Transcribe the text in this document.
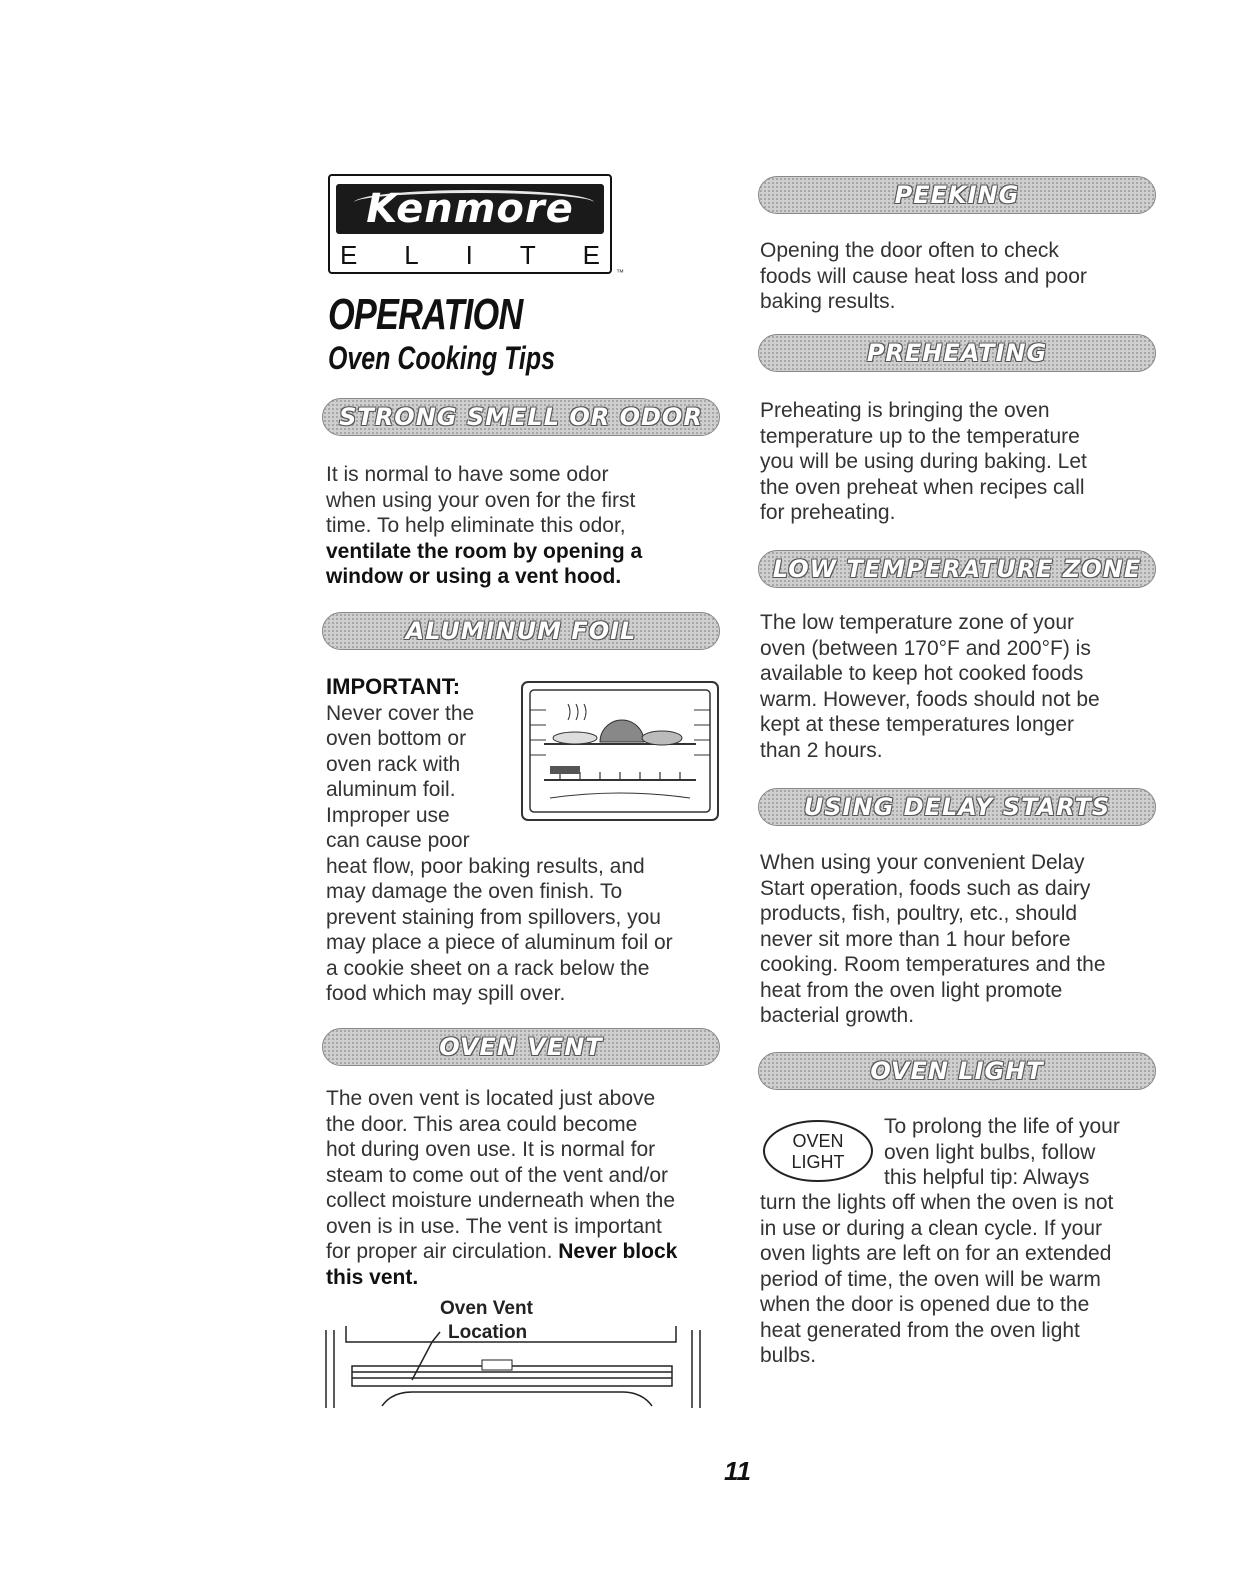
Kenmore
E L I T E
™
OPERATION
Oven Cooking Tips
STRONG SMELL OR ODOR
It is normal to have some odor
when using your oven for the first
time. To help eliminate this odor,
ventilate the room by opening a
window or using a vent hood.
ALUMINUM FOIL
IMPORTANT:
Never cover the
oven bottom or
oven rack with
aluminum foil.
Improper use
can cause poor
heat flow, poor baking results, and
may damage the oven finish. To
prevent staining from spillovers, you
may place a piece of aluminum foil or
a cookie sheet on a rack below the
food which may spill over.
OVEN VENT
The oven vent is located just above
the door. This area could become
hot during oven use. It is normal for
steam to come out of the vent and/or
collect moisture underneath when the
oven is in use. The vent is important
for proper air circulation. Never block
this vent.
Oven Vent
Location
PEEKING
Opening the door often to check
foods will cause heat loss and poor
baking results.
PREHEATING
Preheating is bringing the oven
temperature up to the temperature
you will be using during baking. Let
the oven preheat when recipes call
for preheating.
LOW TEMPERATURE ZONE
The low temperature zone of your
oven (between 170°F and 200°F) is
available to keep hot cooked foods
warm. However, foods should not be
kept at these temperatures longer
than 2 hours.
USING DELAY STARTS
When using your convenient Delay
Start operation, foods such as dairy
products, fish, poultry, etc., should
never sit more than 1 hour before
cooking. Room temperatures and the
heat from the oven light promote
bacterial growth.
OVEN LIGHT
OVEN
LIGHT
To prolong the life of your
oven light bulbs, follow
this helpful tip: Always
turn the lights off when the oven is not
in use or during a clean cycle. If your
oven lights are left on for an extended
period of time, the oven will be warm
when the door is opened due to the
heat generated from the oven light
bulbs.
11
